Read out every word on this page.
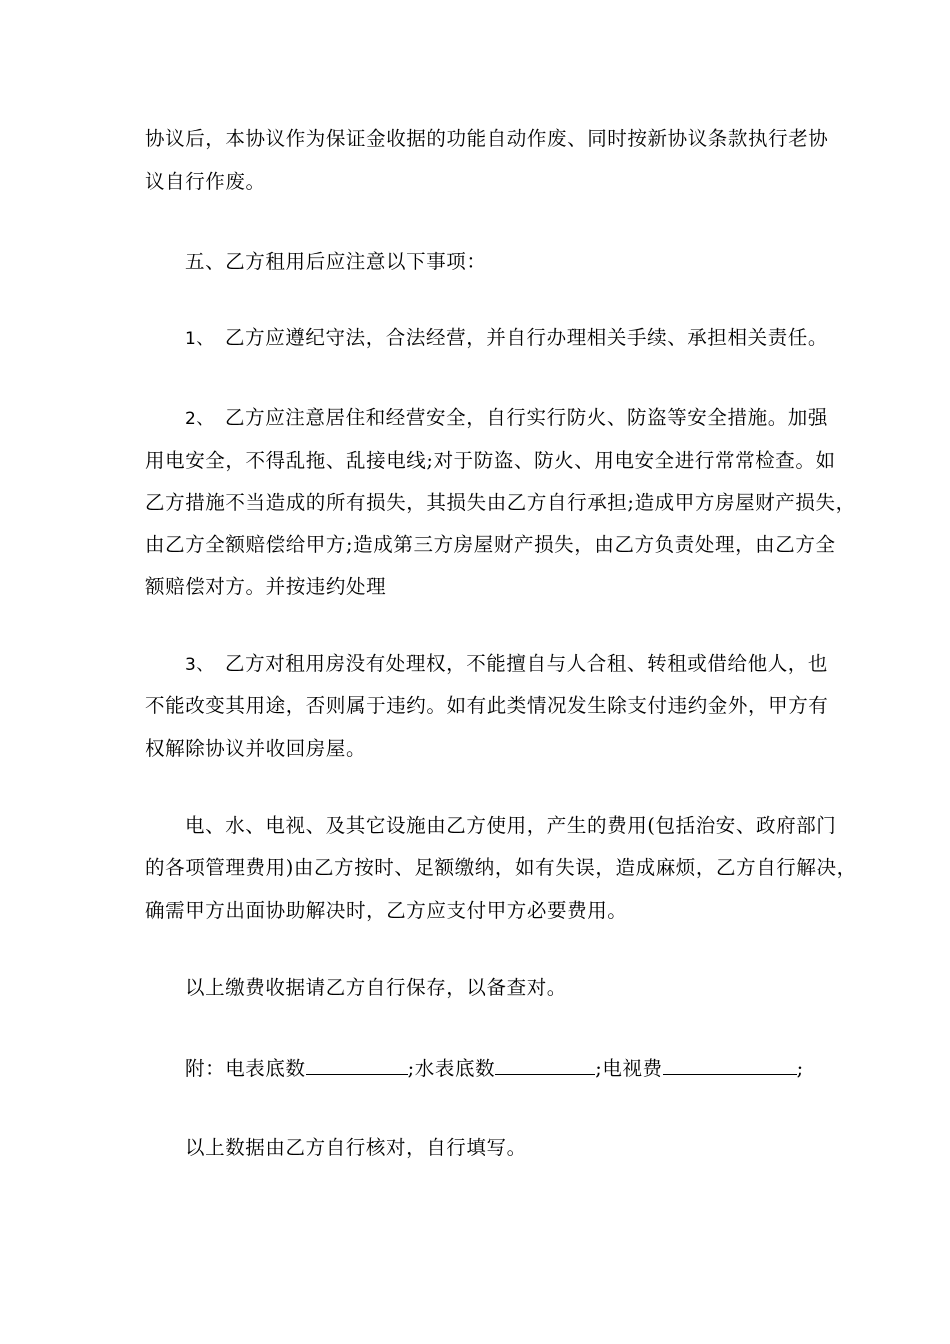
协议后，本协议作为保证金收据的功能自动作废、同时按新协议条款执行老协

议自行作废。

五、乙方租用后应注意以下事项：

1、 乙方应遵纪守法，合法经营，并自行办理相关手续、承担相关责任。

2、 乙方应注意居住和经营安全，自行实行防火、防盗等安全措施。加强

用电安全，不得乱拖、乱接电线;对于防盗、防火、用电安全进行常常检查。如

乙方措施不当造成的所有损失，其损失由乙方自行承担;造成甲方房屋财产损失，

由乙方全额赔偿给甲方;造成第三方房屋财产损失，由乙方负责处理，由乙方全

额赔偿对方。并按违约处理

3、 乙方对租用房没有处理权，不能擅自与人合租、转租或借给他人，也

不能改变其用途，否则属于违约。如有此类情况发生除支付违约金外，甲方有

权解除协议并收回房屋。

电、水、电视、及其它设施由乙方使用，产生的费用(包括治安、政府部门

的各项管理费用)由乙方按时、足额缴纳，如有失误，造成麻烦，乙方自行解决，

确需甲方出面协助解决时，乙方应支付甲方必要费用。

以上缴费收据请乙方自行保存，以备查对。

附：电表底数	;水表底数	;电视费	;

以上数据由乙方自行核对，自行填写。
